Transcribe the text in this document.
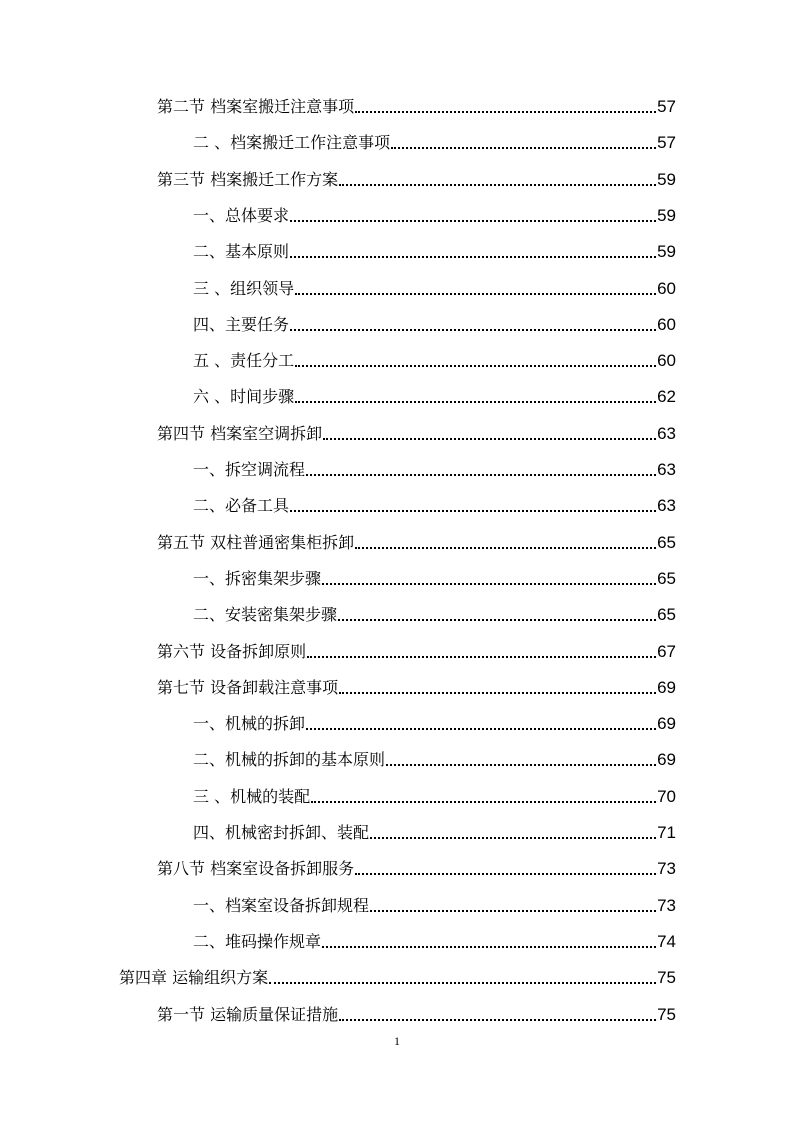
第二节 档案室搬迁注意事项	57
二 、档案搬迁工作注意事项	57
第三节 档案搬迁工作方案	59
一、总体要求	59
二、基本原则	59
三 、组织领导	60
四、主要任务	60
五 、责任分工	60
六 、时间步骤	62
第四节 档案室空调拆卸	63
一、拆空调流程	63
二、必备工具	63
第五节 双柱普通密集柜拆卸	65
一、拆密集架步骤	65
二、安装密集架步骤	65
第六节 设备拆卸原则	67
第七节 设备卸载注意事项	69
一、机械的拆卸	69
二、机械的拆卸的基本原则	69
三 、机械的装配	70
四、机械密封拆卸、装配	71
第八节 档案室设备拆卸服务	73
一、档案室设备拆卸规程	73
二、堆码操作规章	74
第四章 运输组织方案	75
第一节 运输质量保证措施	75
1
